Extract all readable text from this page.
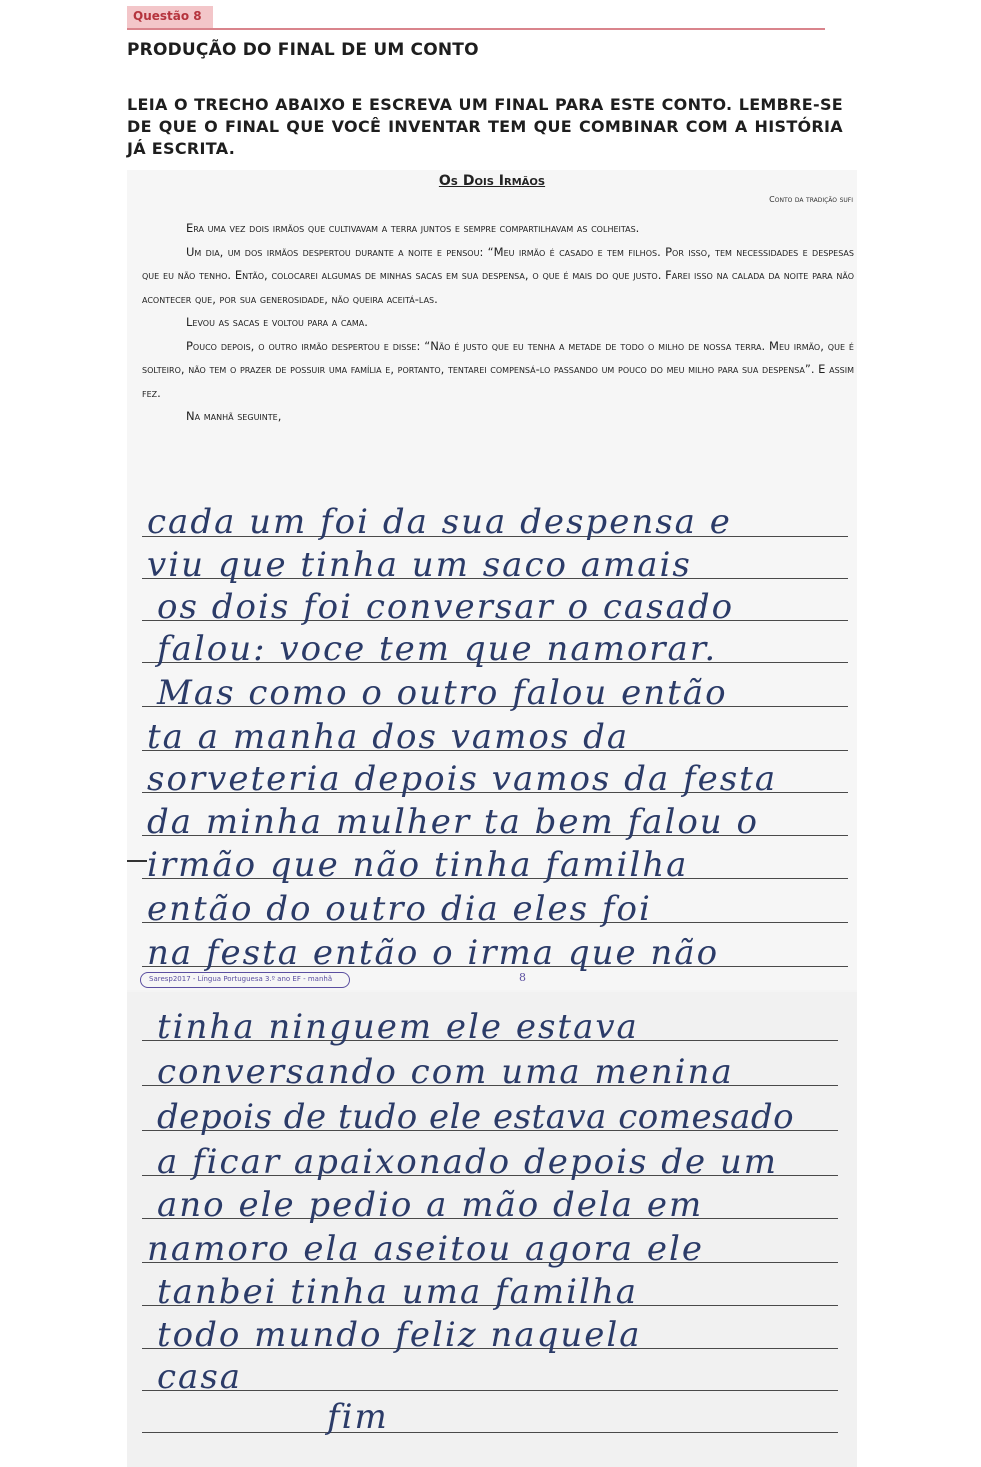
Questão 8
PRODUÇÃO DO FINAL DE UM CONTO
LEIA O TRECHO ABAIXO E ESCREVA UM FINAL PARA ESTE CONTO. LEMBRE-SE DE QUE O FINAL QUE VOCÊ INVENTAR TEM QUE COMBINAR COM A HISTÓRIA JÁ ESCRITA.
Os Dois Irmãos
Conto da tradição sufi

Era uma vez dois irmãos que cultivavam a terra juntos e sempre compartilhavam as colheitas.

Um dia, um dos irmãos despertou durante a noite e pensou: “Meu irmão é casado e tem filhos. Por isso, tem necessidades e despesas que eu não tenho. Então, colocarei algumas de minhas sacas em sua despensa, o que é mais do que justo. Farei isso na calada da noite para não acontecer que, por sua generosidade, não queira aceitá-las.

Levou as sacas e voltou para a cama.

Pouco depois, o outro irmão despertou e disse: “Não é justo que eu tenha a metade de todo o milho de nossa terra. Meu irmão, que é solteiro, não tem o prazer de possuir uma família e, portanto, tentarei compensá-lo passando um pouco do meu milho para sua despensa”. E assim fez.

Na manhã seguinte,

cada um foi da sua despensa e
viu que tinha um saco amais
os dois foi conversar o casado
falou: voce tem que namorar.
Mas como o outro falou então
ta a manha dos vamos da
sorveteria depois vamos da festa
da minha mulher ta bem falou o
irmão que não tinha familha
então do outro dia eles foi
na festa então o irma que não
tinha ninguem ele estava
conversando com uma menina
depois de tudo ele estava comesado
a ficar apaixonado depois de um
ano ele pedio a mão dela em
namoro ela aseitou agora ele
tanbei tinha uma familha
todo mundo feliz naquela
casa
fim
Saresp2017 - Língua Portuguesa 3.º ano EF - manhã	8
